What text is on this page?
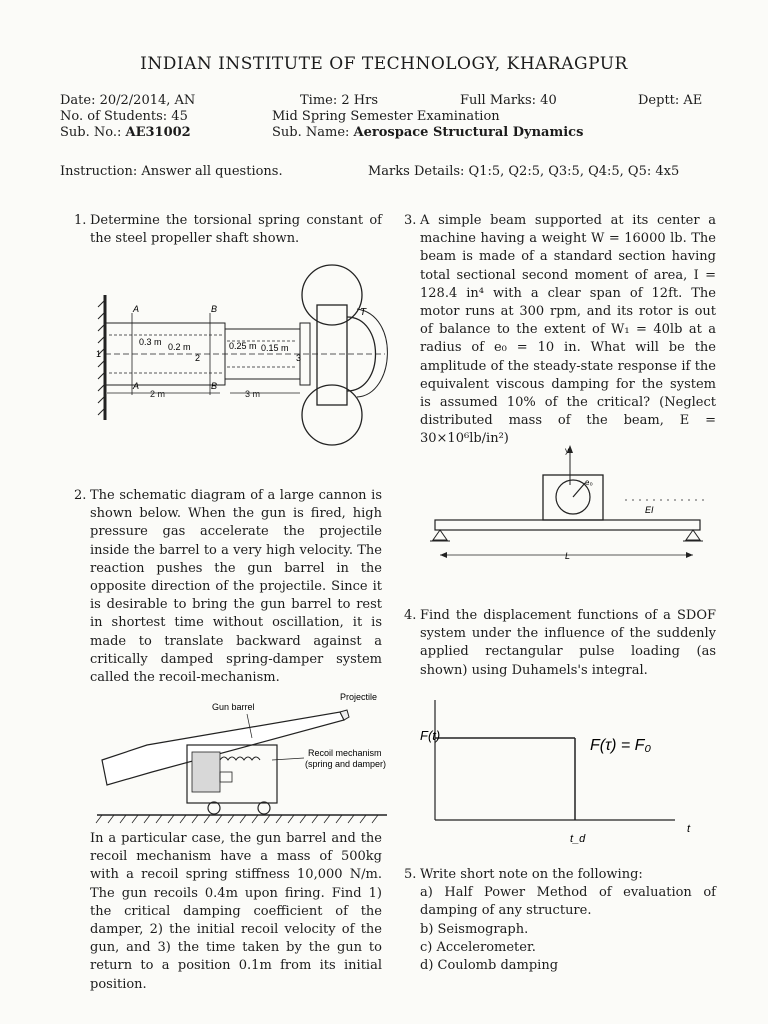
INDIAN INSTITUTE OF TECHNOLOGY, KHARAGPUR
Date: 20/2/2014, AN
No. of Students: 45
Sub. No.: AE31002
Time: 2 Hrs
Mid Spring Semester Examination
Sub. Name: Aerospace Structural Dynamics
Full Marks: 40	Deptt: AE
Instruction: Answer all questions.	Marks Details: Q1:5, Q2:5, Q3:5, Q4:5, Q5: 4x5
1. Determine the torsional spring constant of the steel propeller shaft shown.
A	B	T
0.3 m 0.2 m	0.25 m 0.15 m
1	2	3
A	B
2 m	3 m
2. The schematic diagram of a large cannon is shown below. When the gun is fired, high pressure gas accelerate the projectile inside the barrel to a very high velocity. The reaction pushes the gun barrel in the opposite direction of the projectile. Since it is desirable to bring the gun barrel to rest in shortest time without oscillation, it is made to translate backward against a critically damped spring-damper system called the recoil-mechanism.
Projectile
Gun barrel
Recoil mechanism
(spring and damper)
In a particular case, the gun barrel and the recoil mechanism have a mass of 500kg with a recoil spring stiffness 10,000 N/m. The gun recoils 0.4m upon firing. Find 1) the critical damping coefficient of the damper, 2) the initial recoil velocity of the gun, and 3) the time taken by the gun to return to a position 0.1m from its initial position.
3. A simple beam supported at its center a machine having a weight W = 16000 lb. The beam is made of a standard section having total sectional second moment of area, I = 128.4 in⁴ with a clear span of 12ft. The motor runs at 300 rpm, and its rotor is out of balance to the extent of W₁ = 40lb at a radius of e₀ = 10 in. What will be the amplitude of the steady-state response if the equivalent viscous damping for the system is assumed 10% of the critical? (Neglect distributed mass of the beam, E = 30×10⁶lb/in²)
y
e₀
EI
L
4. Find the displacement functions of a SDOF system under the influence of the suddenly applied rectangular pulse loading (as shown) using Duhamels's integral.
F(t)
F(τ) = F₀
t_d
t
5. Write short note on the following:
a) Half Power Method of evaluation of damping of any structure.
b) Seismograph.
c) Accelerometer.
d) Coulomb damping
